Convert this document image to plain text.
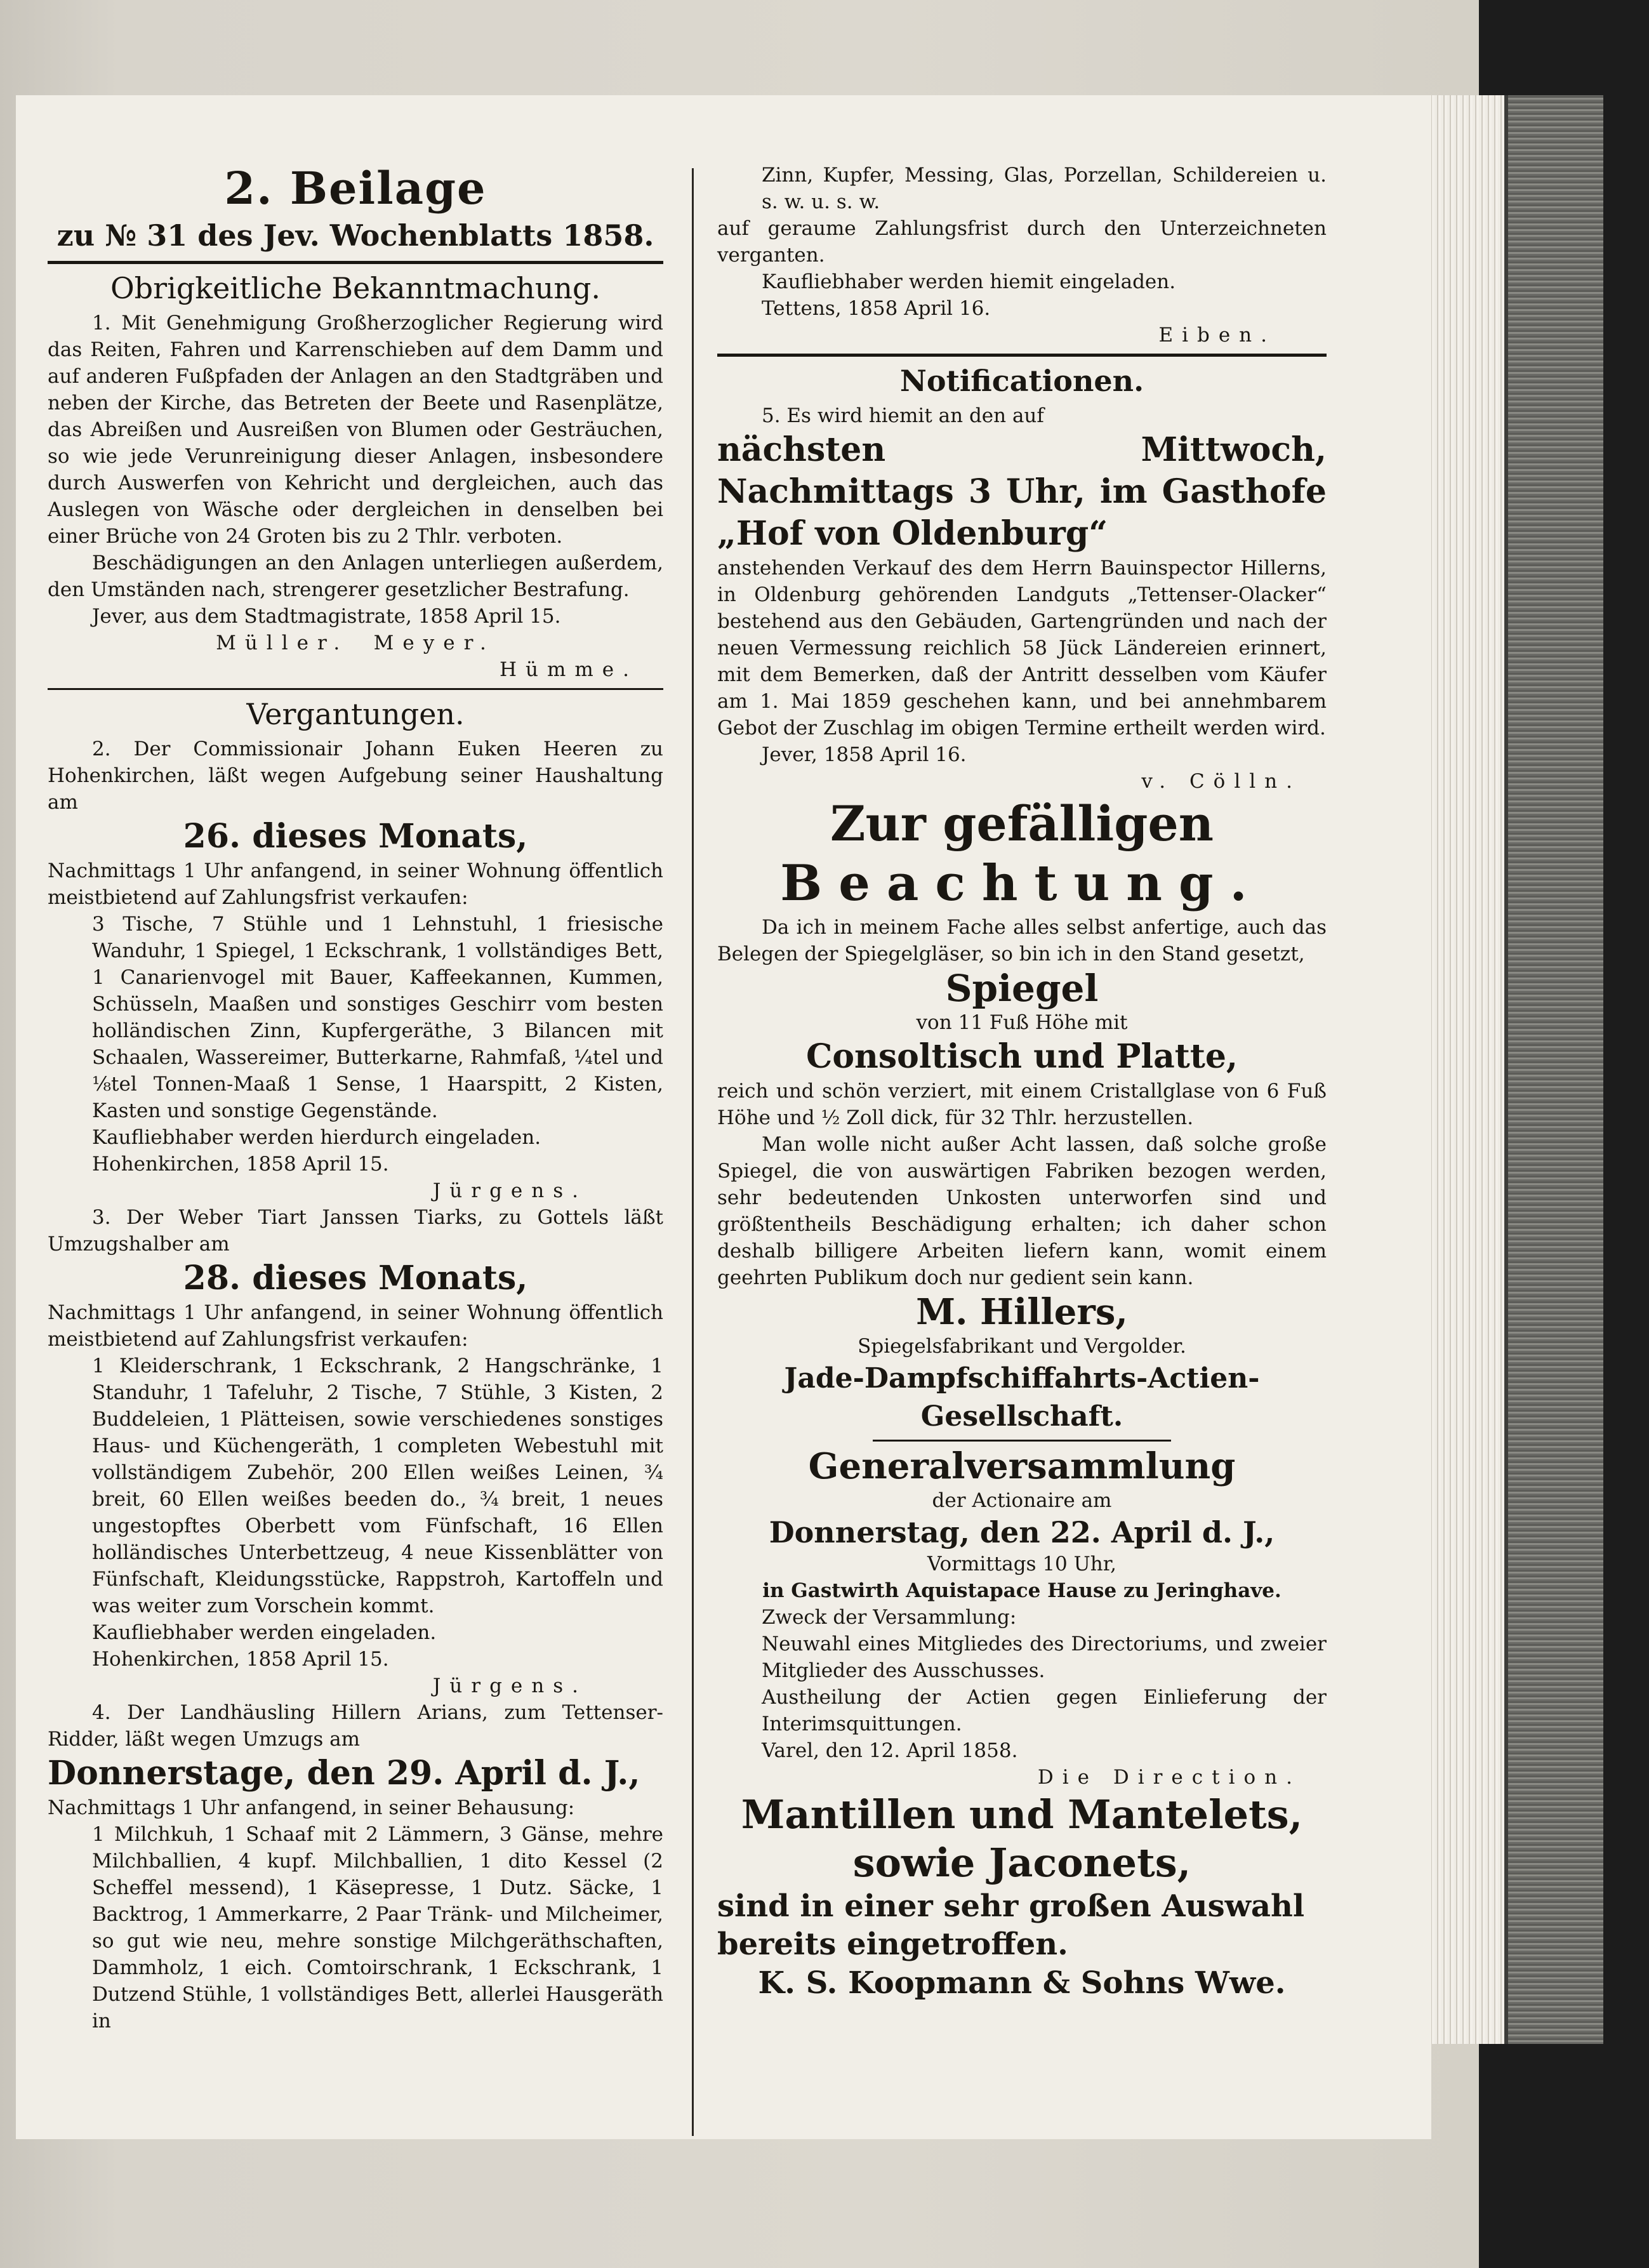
2. Beilage
zu № 31 des Jev. Wochenblatts 1858.
Obrigkeitliche Bekanntmachung.

1. Mit Genehmigung Großherzoglicher Regierung wird das Reiten, Fahren und Karrenschieben auf dem Damm und auf anderen Fußpfaden der Anlagen an den Stadtgräben und neben der Kirche, das Betreten der Beete und Rasenplätze, das Abreißen und Ausreißen von Blumen oder Gesträuchen, so wie jede Verunreinigung dieser Anlagen, insbesondere durch Auswerfen von Kehricht und dergleichen, auch das Auslegen von Wäsche oder dergleichen in denselben bei einer Brüche von 24 Groten bis zu 2 Thlr. verboten.

Beschädigungen an den Anlagen unterliegen außerdem, den Umständen nach, strengerer gesetzlicher Bestrafung.

Jever, aus dem Stadtmagistrate, 1858 April 15.

Müller. Meyer.

Hümme.

Vergantungen.

2. Der Commissionair Johann Euken Heeren zu Hohenkirchen, läßt wegen Aufgebung seiner Haushaltung am

26. dieses Monats,

Nachmittags 1 Uhr anfangend, in seiner Wohnung öffentlich meistbietend auf Zahlungsfrist verkaufen:

3 Tische, 7 Stühle und 1 Lehnstuhl, 1 friesische Wanduhr, 1 Spiegel, 1 Eckschrank, 1 vollständiges Bett, 1 Canarienvogel mit Bauer, Kaffeekannen, Kummen, Schüsseln, Maaßen und sonstiges Geschirr vom besten holländischen Zinn, Kupfergeräthe, 3 Bilancen mit Schaalen, Wassereimer, Butterkarne, Rahmfaß, ¼tel und ⅛tel Tonnen-Maaß 1 Sense, 1 Haarspitt, 2 Kisten, Kasten und sonstige Gegenstände.

Kaufliebhaber werden hierdurch eingeladen.

Hohenkirchen, 1858 April 15.

Jürgens.

3. Der Weber Tiart Janssen Tiarks, zu Gottels läßt Umzugshalber am

28. dieses Monats,

Nachmittags 1 Uhr anfangend, in seiner Wohnung öffentlich meistbietend auf Zahlungsfrist verkaufen:

1 Kleiderschrank, 1 Eckschrank, 2 Hangschränke, 1 Standuhr, 1 Tafeluhr, 2 Tische, 7 Stühle, 3 Kisten, 2 Buddeleien, 1 Plätteisen, sowie verschiedenes sonstiges Haus- und Küchengeräth, 1 completen Webestuhl mit vollständigem Zubehör, 200 Ellen weißes Leinen, ¾ breit, 60 Ellen weißes beeden do., ¾ breit, 1 neues ungestopftes Oberbett vom Fünfschaft, 16 Ellen holländisches Unterbettzeug, 4 neue Kissenblätter von Fünfschaft, Kleidungsstücke, Rappstroh, Kartoffeln und was weiter zum Vorschein kommt.

Kaufliebhaber werden eingeladen.

Hohenkirchen, 1858 April 15.

Jürgens.

4. Der Landhäusling Hillern Arians, zum Tettenser-Ridder, läßt wegen Umzugs am

Donnerstage, den 29. April d. J.,

Nachmittags 1 Uhr anfangend, in seiner Behausung:

1 Milchkuh, 1 Schaaf mit 2 Lämmern, 3 Gänse, mehre Milchballien, 4 kupf. Milchballien, 1 dito Kessel (2 Scheffel messend), 1 Käsepresse, 1 Dutz. Säcke, 1 Backtrog, 1 Ammerkarre, 2 Paar Tränk- und Milcheimer, so gut wie neu, mehre sonstige Milchgeräthschaften, Dammholz, 1 eich. Comtoirschrank, 1 Eckschrank, 1 Dutzend Stühle, 1 vollständiges Bett, allerlei Hausgeräth in

Zinn, Kupfer, Messing, Glas, Porzellan, Schildereien u. s. w. u. s. w.

auf geraume Zahlungsfrist durch den Unterzeichneten verganten.

Kaufliebhaber werden hiemit eingeladen.

Tettens, 1858 April 16.

Eiben.

Notificationen.

5. Es wird hiemit an den auf

nächsten Mittwoch, Nachmittags 3 Uhr, im Gasthofe „Hof von Oldenburg“

anstehenden Verkauf des dem Herrn Bauinspector Hillerns, in Oldenburg gehörenden Landguts „Tettenser-Olacker“ bestehend aus den Gebäuden, Gartengründen und nach der neuen Vermessung reichlich 58 Jück Ländereien erinnert, mit dem Bemerken, daß der Antritt desselben vom Käufer am 1. Mai 1859 geschehen kann, und bei annehmbarem Gebot der Zuschlag im obigen Termine ertheilt werden wird.

Jever, 1858 April 16.

v. Cölln.

Zur gefälligen
Beachtung.

Da ich in meinem Fache alles selbst anfertige, auch das Belegen der Spiegelgläser, so bin ich in den Stand gesetzt,

Spiegel

von 11 Fuß Höhe mit

Consoltisch und Platte,

reich und schön verziert, mit einem Cristallglase von 6 Fuß Höhe und ½ Zoll dick, für 32 Thlr. herzustellen.

Man wolle nicht außer Acht lassen, daß solche große Spiegel, die von auswärtigen Fabriken bezogen werden, sehr bedeutenden Unkosten unterworfen sind und größtentheils Beschädigung erhalten; ich daher schon deshalb billigere Arbeiten liefern kann, womit einem geehrten Publikum doch nur gedient sein kann.

M. Hillers,

Spiegelsfabrikant und Vergolder.

Jade-Dampfschiffahrts-Actien-Gesellschaft.
Generalversammlung

der Actionaire am

Donnerstag, den 22. April d. J.,

Vormittags 10 Uhr,

in Gastwirth Aquistapace Hause zu Jeringhave.

Zweck der Versammlung:

Neuwahl eines Mitgliedes des Directoriums, und zweier Mitglieder des Ausschusses.

Austheilung der Actien gegen Einlieferung der Interimsquittungen.

Varel, den 12. April 1858.

Die Direction.

Mantillen und Mantelets, sowie Jaconets,
sind in einer sehr großen Auswahl bereits eingetroffen.
K. S. Koopmann & Sohns Wwe.
